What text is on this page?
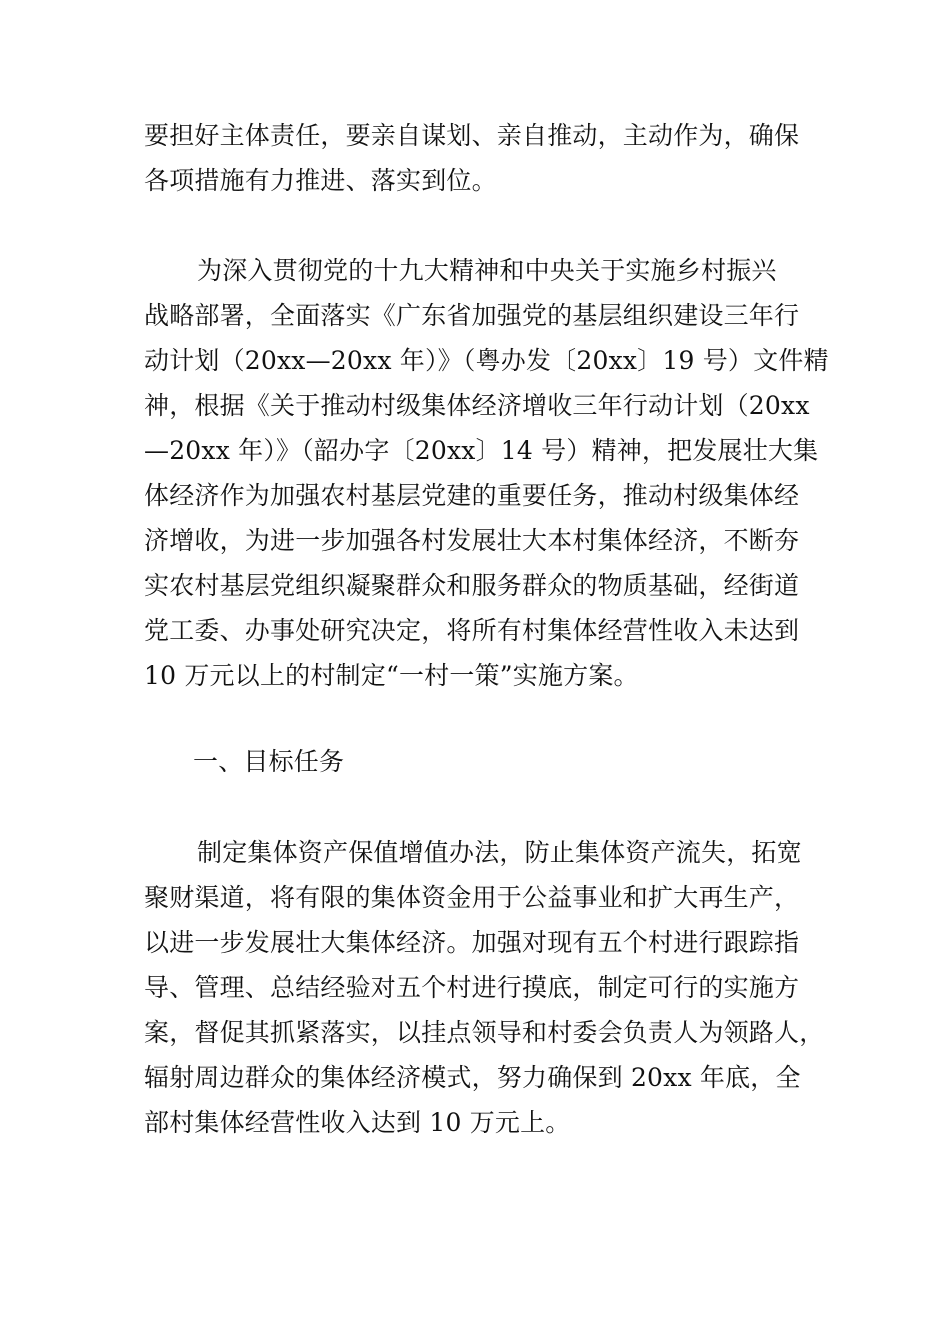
要担好主体责任，要亲自谋划、亲自推动，主动作为，确保
各项措施有力推进、落实到位。
为深入贯彻党的十九大精神和中央关于实施乡村振兴
战略部署，全面落实《广东省加强党的基层组织建设三年行
动计划（20xx—20xx 年）》（粤办发〔20xx〕19 号）文件精
神，根据《关于推动村级集体经济增收三年行动计划（20xx
—20xx 年）》（韶办字〔20xx〕14 号）精神，把发展壮大集
体经济作为加强农村基层党建的重要任务，推动村级集体经
济增收，为进一步加强各村发展壮大本村集体经济，不断夯
实农村基层党组织凝聚群众和服务群众的物质基础，经街道
党工委、办事处研究决定，将所有村集体经营性收入未达到
10 万元以上的村制定“一村一策”实施方案。
一、目标任务
制定集体资产保值增值办法，防止集体资产流失，拓宽
聚财渠道，将有限的集体资金用于公益事业和扩大再生产，
以进一步发展壮大集体经济。加强对现有五个村进行跟踪指
导、管理、总结经验对五个村进行摸底，制定可行的实施方
案，督促其抓紧落实，以挂点领导和村委会负责人为领路人，
辐射周边群众的集体经济模式，努力确保到 20xx 年底，全
部村集体经营性收入达到 10 万元上。
